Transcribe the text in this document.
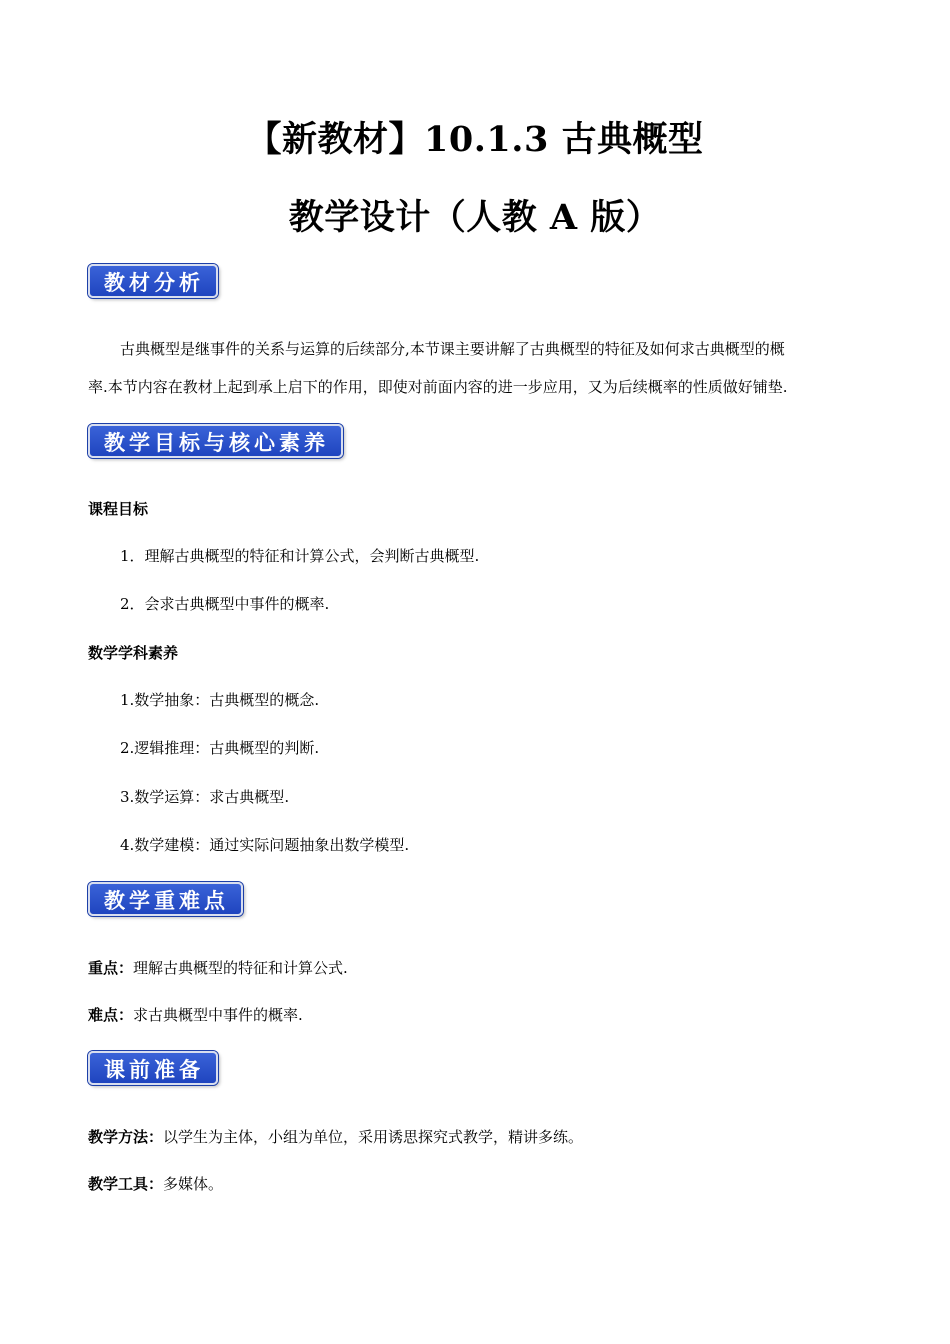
【新教材】10.1.3 古典概型
教学设计（人教 A 版）
教材分析
古典概型是继事件的关系与运算的后续部分,本节课主要讲解了古典概型的特征及如何求古典概型的概
率.本节内容在教材上起到承上启下的作用，即使对前面内容的进一步应用，又为后续概率的性质做好铺垫.
教学目标与核心素养
课程目标
1．理解古典概型的特征和计算公式，会判断古典概型.
2．会求古典概型中事件的概率.
数学学科素养
1.数学抽象：古典概型的概念.
2.逻辑推理：古典概型的判断.
3.数学运算：求古典概型.
4.数学建模：通过实际问题抽象出数学模型.
教学重难点
重点：理解古典概型的特征和计算公式.
难点：求古典概型中事件的概率.
课前准备
教学方法：以学生为主体，小组为单位，采用诱思探究式教学，精讲多练。
教学工具：多媒体。
